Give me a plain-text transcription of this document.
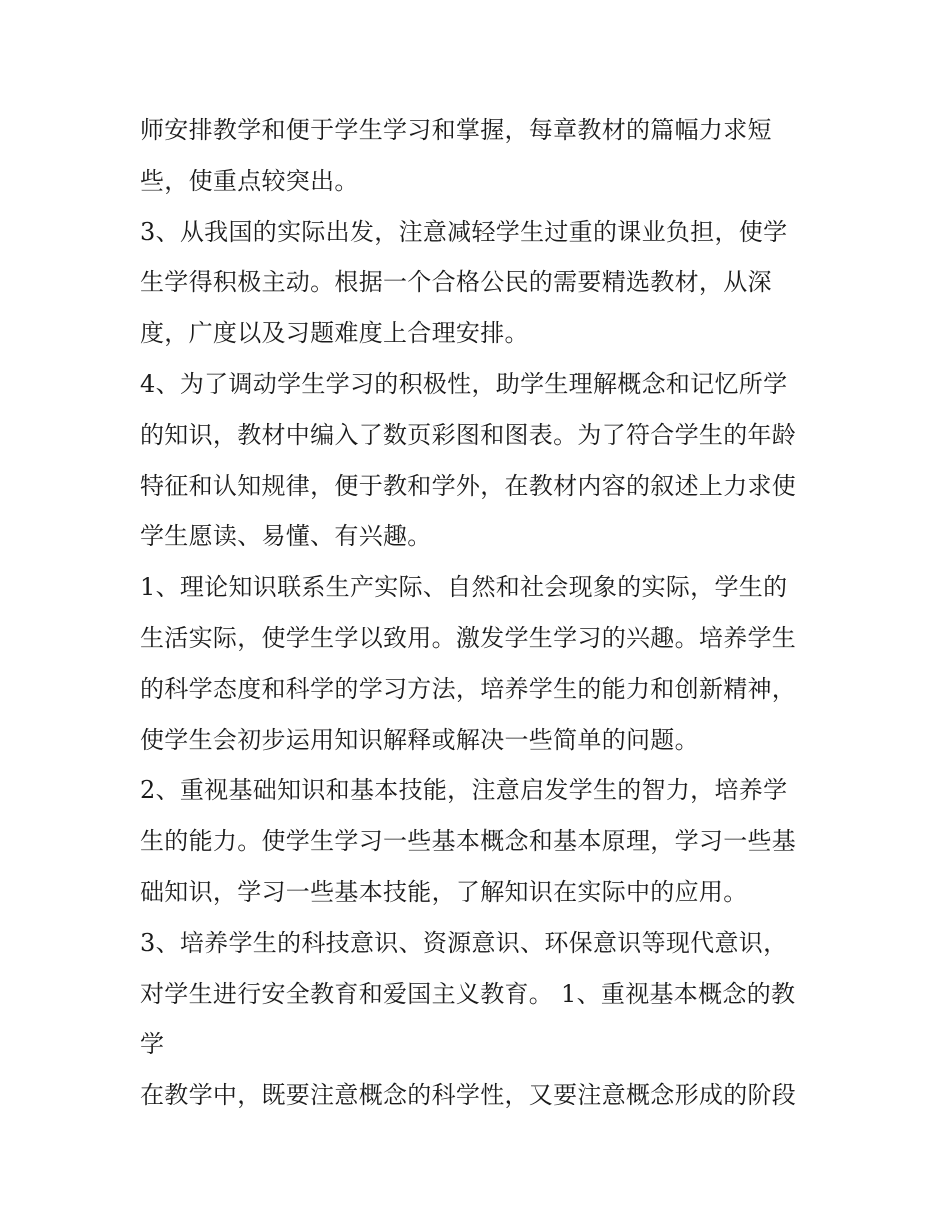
师安排教学和便于学生学习和掌握，每章教材的篇幅力求短
些，使重点较突出。
3、从我国的实际出发，注意减轻学生过重的课业负担，使学
生学得积极主动。根据一个合格公民的需要精选教材，从深
度，广度以及习题难度上合理安排。
4、为了调动学生学习的积极性，助学生理解概念和记忆所学
的知识，教材中编入了数页彩图和图表。为了符合学生的年龄
特征和认知规律，便于教和学外，在教材内容的叙述上力求使
学生愿读、易懂、有兴趣。
1、理论知识联系生产实际、自然和社会现象的实际，学生的
生活实际，使学生学以致用。激发学生学习的兴趣。培养学生
的科学态度和科学的学习方法，培养学生的能力和创新精神，
使学生会初步运用知识解释或解决一些简单的问题。
2、重视基础知识和基本技能，注意启发学生的智力，培养学
生的能力。使学生学习一些基本概念和基本原理，学习一些基
础知识，学习一些基本技能，了解知识在实际中的应用。
3、培养学生的科技意识、资源意识、环保意识等现代意识，
对学生进行安全教育和爱国主义教育。 1、重视基本概念的教
学
在教学中，既要注意概念的科学性，又要注意概念形成的阶段
